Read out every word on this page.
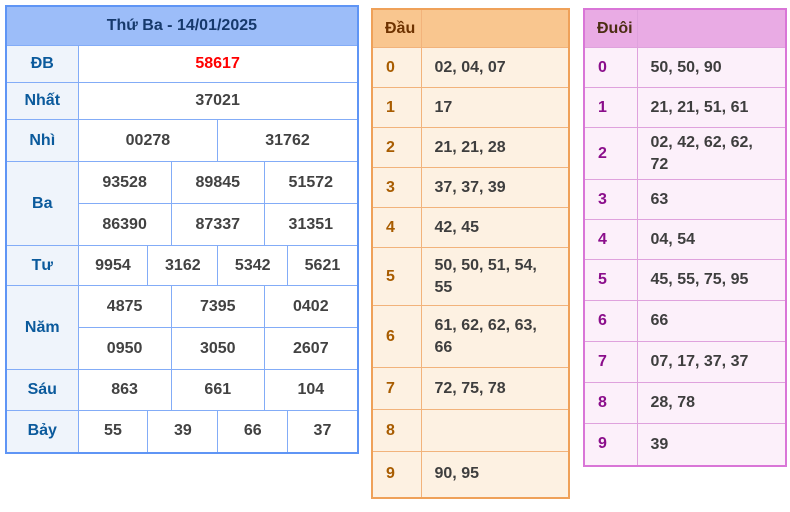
Thứ Ba - 14/01/2025						
ĐB	58617					
Nhất	37021					
Nhì	00278			31762		
Ba	93528		89845		51572	
	86390		87337		31351	
Tư	9954	3162		5342		5621
Năm	4875		7395		0402	
	0950		3050		2607	
Sáu	863		661		104	
Bảy	55	39		66		37
Đầu	
0	02, 04, 07
1	17
2	21, 21, 28
3	37, 37, 39
4	42, 45
5	50, 50, 51, 54, 55
6	61, 62, 62, 63, 66
7	72, 75, 78
8	
9	90, 95
Đuôi	
0	50, 50, 90
1	21, 21, 51, 61
2	02, 42, 62, 62, 72
3	63
4	04, 54
5	45, 55, 75, 95
6	66
7	07, 17, 37, 37
8	28, 78
9	39
